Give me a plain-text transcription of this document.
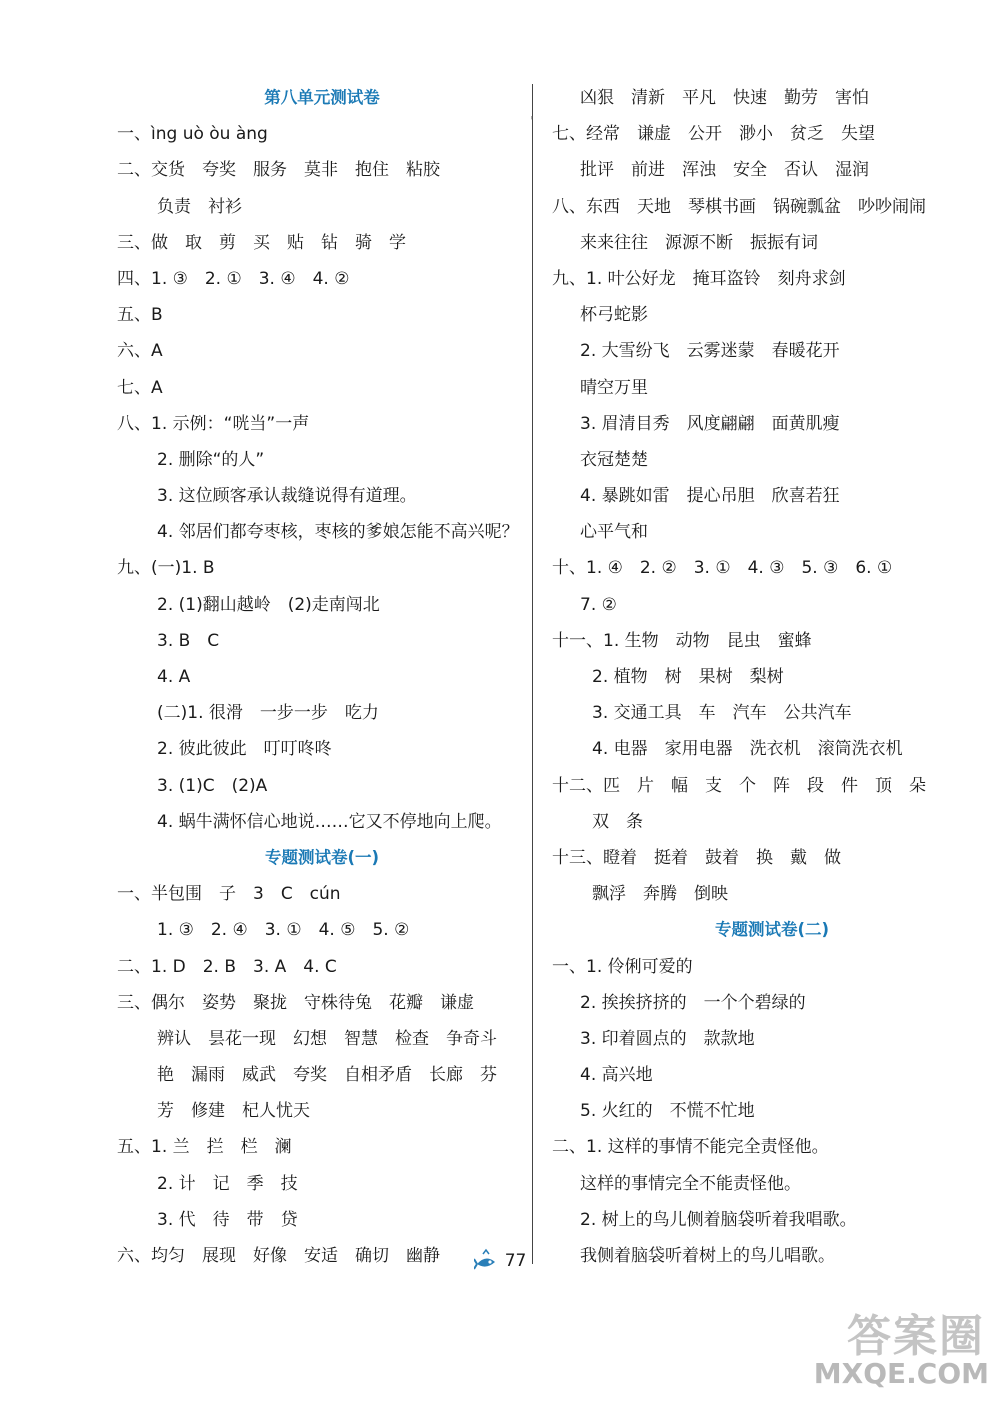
第八单元测试卷
一、ìng uò òu àng
二、交货　夸奖　服务　莫非　抱住　粘胶
负责　衬衫
三、做　取　剪　买　贴　钻　骑　学
四、1. ③　2. ①　3. ④　4. ②
五、B
六、A
七、A
八、1. 示例：“咣当”一声
2. 删除“的人”
3. 这位顾客承认裁缝说得有道理。
4. 邻居们都夸枣核，枣核的爹娘怎能不高兴呢？
九、(一)1. B
2. (1)翻山越岭　(2)走南闯北
3. B　C
4. A
(二)1. 很滑　一步一步　吃力
2. 彼此彼此　叮叮咚咚
3. (1)C　(2)A
4. 蜗牛满怀信心地说……它又不停地向上爬。
专题测试卷(一)
一、半包围　子　3　C　cún
1. ③　2. ④　3. ①　4. ⑤　5. ②
二、1. D　2. B　3. A　4. C
三、偶尔　姿势　聚拢　守株待兔　花瓣　谦虚
辨认　昙花一现　幻想　智慧　检查　争奇斗
艳　漏雨　威武　夸奖　自相矛盾　长廊　芬
芳　修建　杞人忧天
五、1. 兰　拦　栏　澜
2. 计　记　季　技
3. 代　待　带　贷
六、均匀　展现　好像　安适　确切　幽静
'
凶狠　清新　平凡　快速　勤劳　害怕
七、经常　谦虚　公开　渺小　贫乏　失望
批评　前进　浑浊　安全　否认　湿润
八、东西　天地　琴棋书画　锅碗瓢盆　吵吵闹闹
来来往往　源源不断　振振有词
九、1. 叶公好龙　掩耳盗铃　刻舟求剑
杯弓蛇影
2. 大雪纷飞　云雾迷蒙　春暖花开
晴空万里
3. 眉清目秀　风度翩翩　面黄肌瘦
衣冠楚楚
4. 暴跳如雷　提心吊胆　欣喜若狂
心平气和
十、1. ④　2. ②　3. ①　4. ③　5. ③　6. ①
7. ②
十一、1. 生物　动物　昆虫　蜜蜂
2. 植物　树　果树　梨树
3. 交通工具　车　汽车　公共汽车
4. 电器　家用电器　洗衣机　滚筒洗衣机
十二、匹　片　幅　支　个　阵　段　件　顶　朵
双　条
十三、瞪着　挺着　鼓着　换　戴　做
飘浮　奔腾　倒映
专题测试卷(二)
一、1. 伶俐可爱的
2. 挨挨挤挤的　一个个碧绿的
3. 印着圆点的　款款地
4. 高兴地
5. 火红的　不慌不忙地
二、1. 这样的事情不能完全责怪他。
这样的事情完全不能责怪他。
2. 树上的鸟儿侧着脑袋听着我唱歌。
我侧着脑袋听着树上的鸟儿唱歌。
77
答案圈
MXQE.COM
